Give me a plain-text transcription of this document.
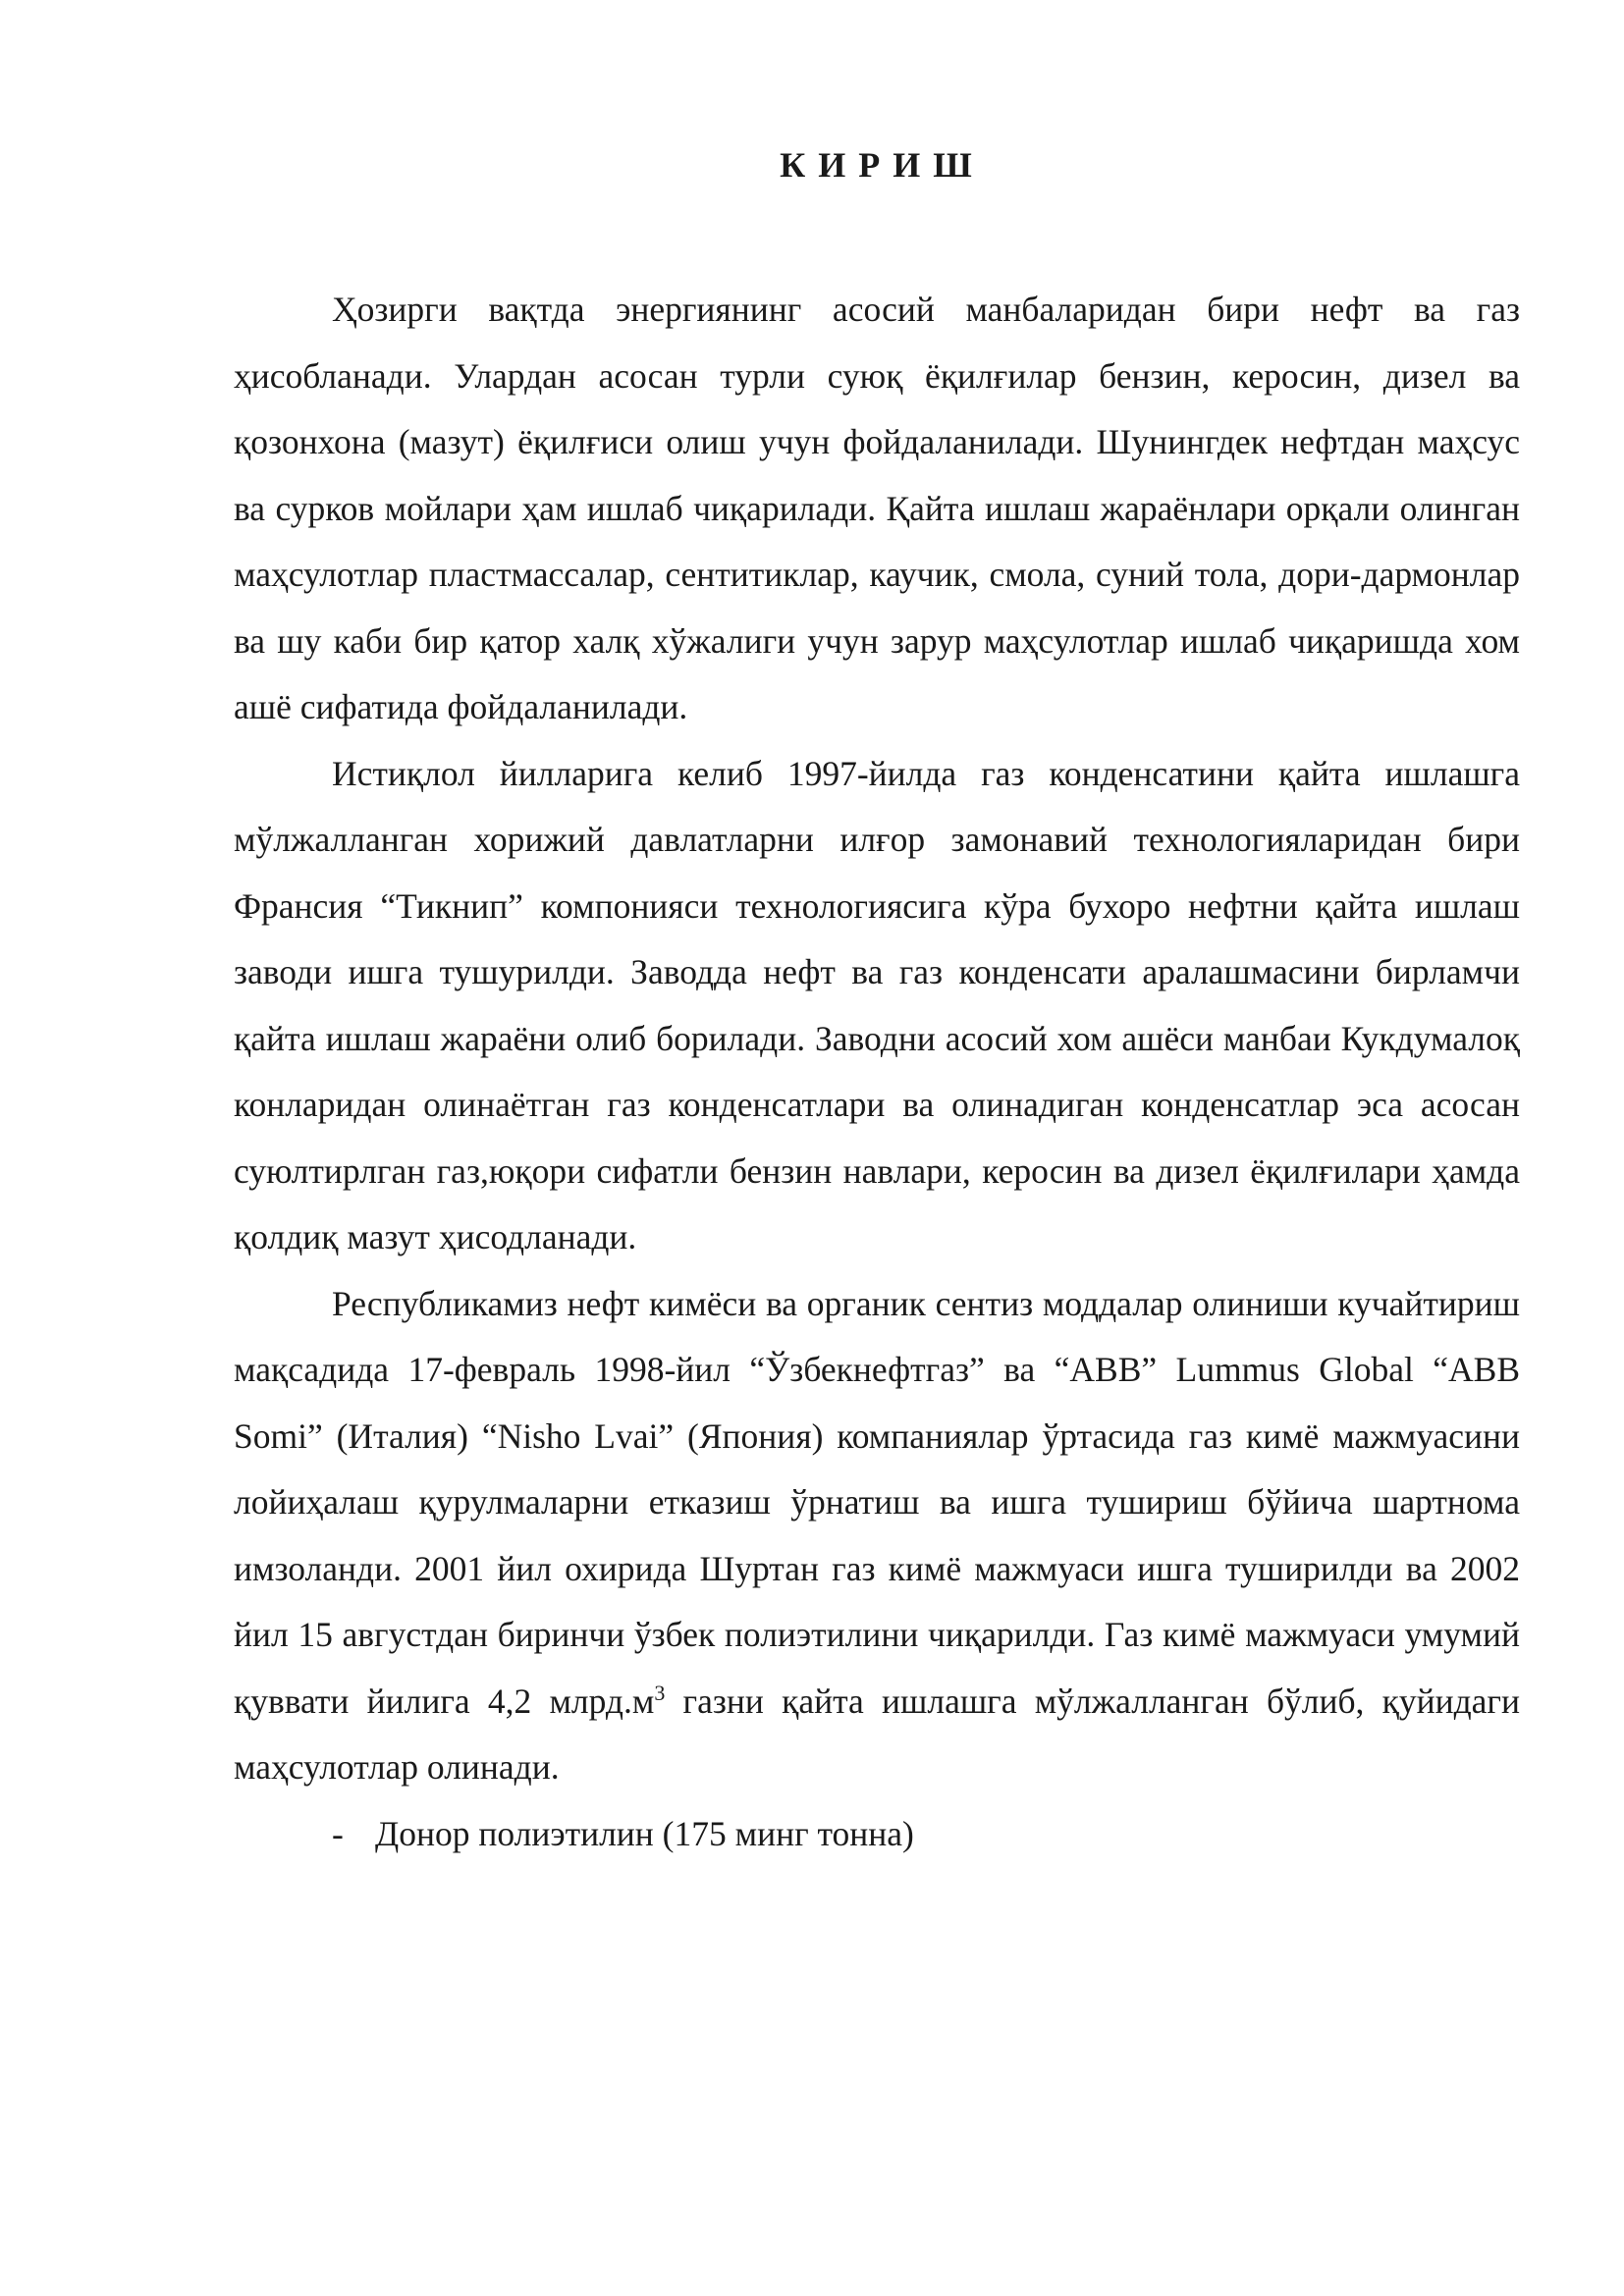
К И Р И Ш

Ҳозирги вақтда энергиянинг асосий манбаларидан бири нефт ва газ ҳисобланади. Улардан асосан турли суюқ ёқилғилар бензин, керосин, дизел ва қозонхона (мазут) ёқилғиси олиш учун фойдаланилади. Шунингдек нефтдан маҳсус ва сурков мойлари ҳам ишлаб чиқарилади. Қайта ишлаш жараёнлари орқали олинган маҳсулотлар пластмассалар, сентитиклар, каучик, смола, суний тола, дори-дармонлар ва шу каби бир қатор халқ хўжалиги учун зарур маҳсулотлар ишлаб чиқаришда хом ашё сифатида фойдаланилади.

Истиқлол йилларига келиб 1997-йилда газ конденсатини қайта ишлашга мўлжалланган хорижий давлатларни илғор замонавий технологияларидан бири Франсия “Тикнип” компонияси технологиясига кўра бухоро нефтни қайта ишлаш заводи ишга тушурилди. Заводда нефт ва газ конденсати аралашмасини бирламчи қайта ишлаш жараёни олиб борилади. Заводни асосий хом ашёси манбаи Кукдумалоқ конларидан олинаётган газ конденсатлари ва олинадиган конденсатлар эса асосан суюлтирлган газ,юқори сифатли бензин навлари, керосин ва дизел ёқилғилари ҳамда қолдиқ мазут ҳисодланади.

Республикамиз нефт кимёси ва органик сентиз моддалар олиниши кучайтириш мақсадида 17-февраль 1998-йил “Ўзбекнефтгаз” ва “АВВ” Lummus Global “ABB Somi” (Италия) “Nisho Lvai” (Япония) компаниялар ўртасида газ кимё мажмуасини лойиҳалаш қурулмаларни етказиш ўрнатиш ва ишга тушириш бўйича шартнома имзоланди. 2001 йил охирида Шуртан газ кимё мажмуаси ишга туширилди ва 2002 йил 15 августдан биринчи ўзбек полиэтилини чиқарилди. Газ кимё мажмуаси умумий қуввати йилига 4,2 $млрд.м^3$ газни қайта ишлашга мўлжалланган бўлиб, қуйидаги маҳсулотлар олинади.

- Донор полиэтилин (175 минг тонна)
